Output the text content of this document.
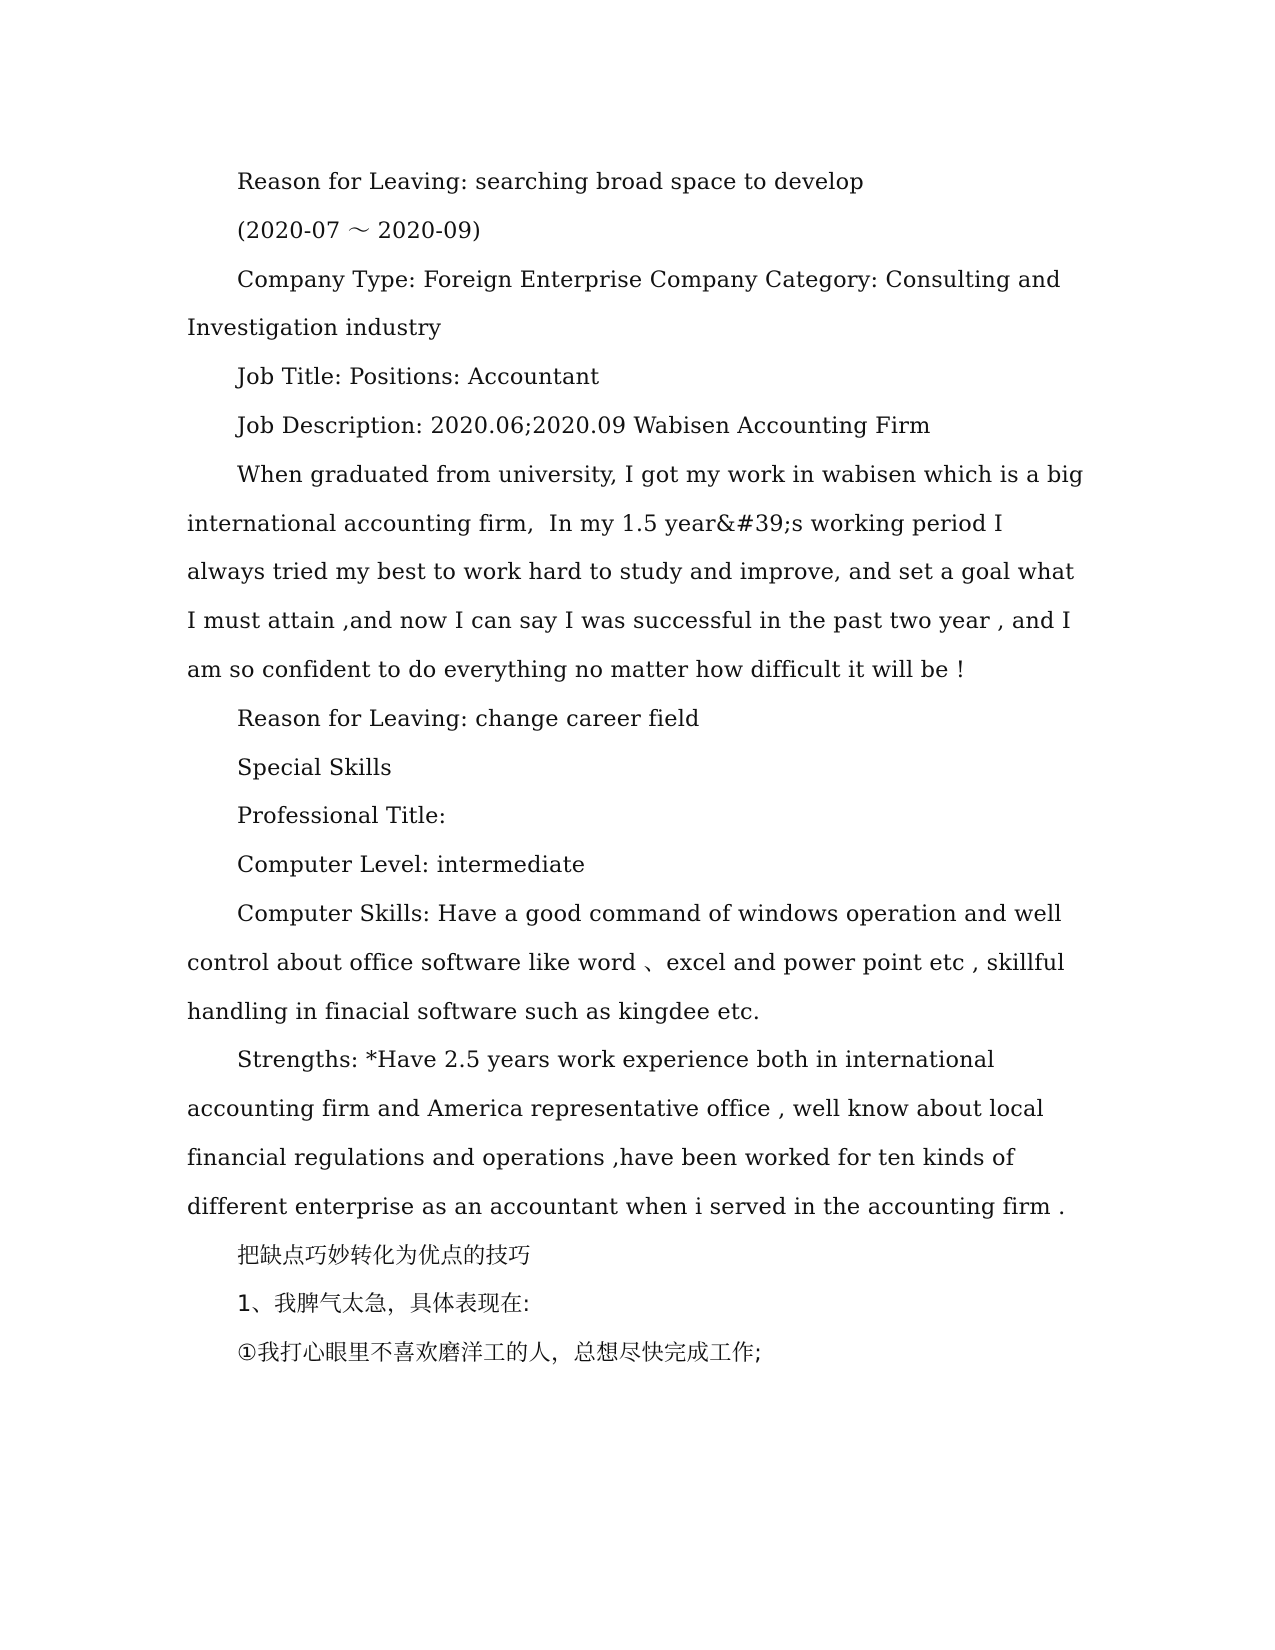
Reason for Leaving: searching broad space to develop

(2020-07 ～ 2020-09)

Company Type: Foreign Enterprise Company Category: Consulting and Investigation industry

Job Title: Positions: Accountant

Job Description: 2020.06;2020.09 Wabisen Accounting Firm

When graduated from university, I got my work in wabisen which is a big international accounting firm,  In my 1.5 year&#39;s working period I always tried my best to work hard to study and improve, and set a goal what I must attain ,and now I can say I was successful in the past two year , and I am so confident to do everything no matter how difficult it will be !

Reason for Leaving: change career field

Special Skills

Professional Title:

Computer Level: intermediate

Computer Skills: Have a good command of windows operation and well control about office software like word 、excel and power point etc , skillful handling in finacial software such as kingdee etc.

Strengths: *Have 2.5 years work experience both in international accounting firm and America representative office , well know about local financial regulations and operations ,have been worked for ten kinds of different enterprise as an accountant when i served in the accounting firm .

把缺点巧妙转化为优点的技巧

1、我脾气太急，具体表现在:

①我打心眼里不喜欢磨洋工的人，总想尽快完成工作;
